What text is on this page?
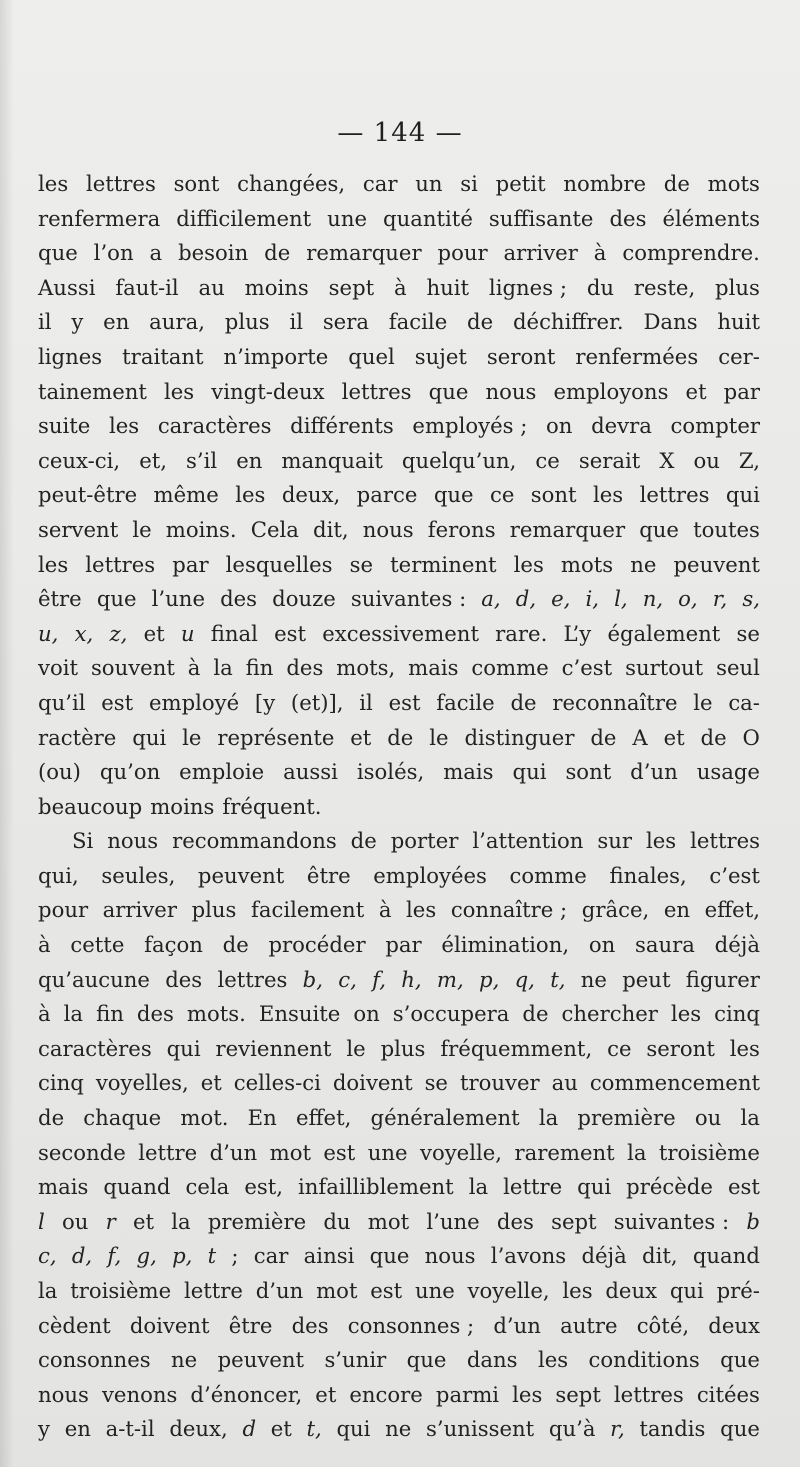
— 144 —
les lettres sont changées, car un si petit nombre de mots
renfermera difficilement une quantité suffisante des éléments
que l’on a besoin de remarquer pour arriver à comprendre.
Aussi faut-il au moins sept à huit lignes ; du reste, plus
il y en aura, plus il sera facile de déchiffrer. Dans huit
lignes traitant n’importe quel sujet seront renfermées cer-
tainement les vingt-deux lettres que nous employons et par
suite les caractères différents employés ; on devra compter
ceux-ci, et, s’il en manquait quelqu’un, ce serait X ou Z,
peut-être même les deux, parce que ce sont les lettres qui
servent le moins. Cela dit, nous ferons remarquer que toutes
les lettres par lesquelles se terminent les mots ne peuvent
être que l’une des douze suivantes : a, d, e, i, l, n, o, r, s,
u, x, z, et u final est excessivement rare. L’y également se
voit souvent à la fin des mots, mais comme c’est surtout seul
qu’il est employé [y (et)], il est facile de reconnaître le ca-
ractère qui le représente et de le distinguer de A et de O
(ou) qu’on emploie aussi isolés, mais qui sont d’un usage
beaucoup moins fréquent.
Si nous recommandons de porter l’attention sur les lettres
qui, seules, peuvent être employées comme finales, c’est
pour arriver plus facilement à les connaître ; grâce, en effet,
à cette façon de procéder par élimination, on saura déjà
qu’aucune des lettres b, c, f, h, m, p, q, t, ne peut figurer
à la fin des mots. Ensuite on s’occupera de chercher les cinq
caractères qui reviennent le plus fréquemment, ce seront les
cinq voyelles, et celles-ci doivent se trouver au commencement
de chaque mot. En effet, généralement la première ou la
seconde lettre d’un mot est une voyelle, rarement la troisième
mais quand cela est, infailliblement la lettre qui précède est
l ou r et la première du mot l’une des sept suivantes : b
c, d, f, g, p, t ; car ainsi que nous l’avons déjà dit, quand
la troisième lettre d’un mot est une voyelle, les deux qui pré-
cèdent doivent être des consonnes ; d’un autre côté, deux
consonnes ne peuvent s’unir que dans les conditions que
nous venons d’énoncer, et encore parmi les sept lettres citées
y en a-t-il deux, d et t, qui ne s’unissent qu’à r, tandis que
